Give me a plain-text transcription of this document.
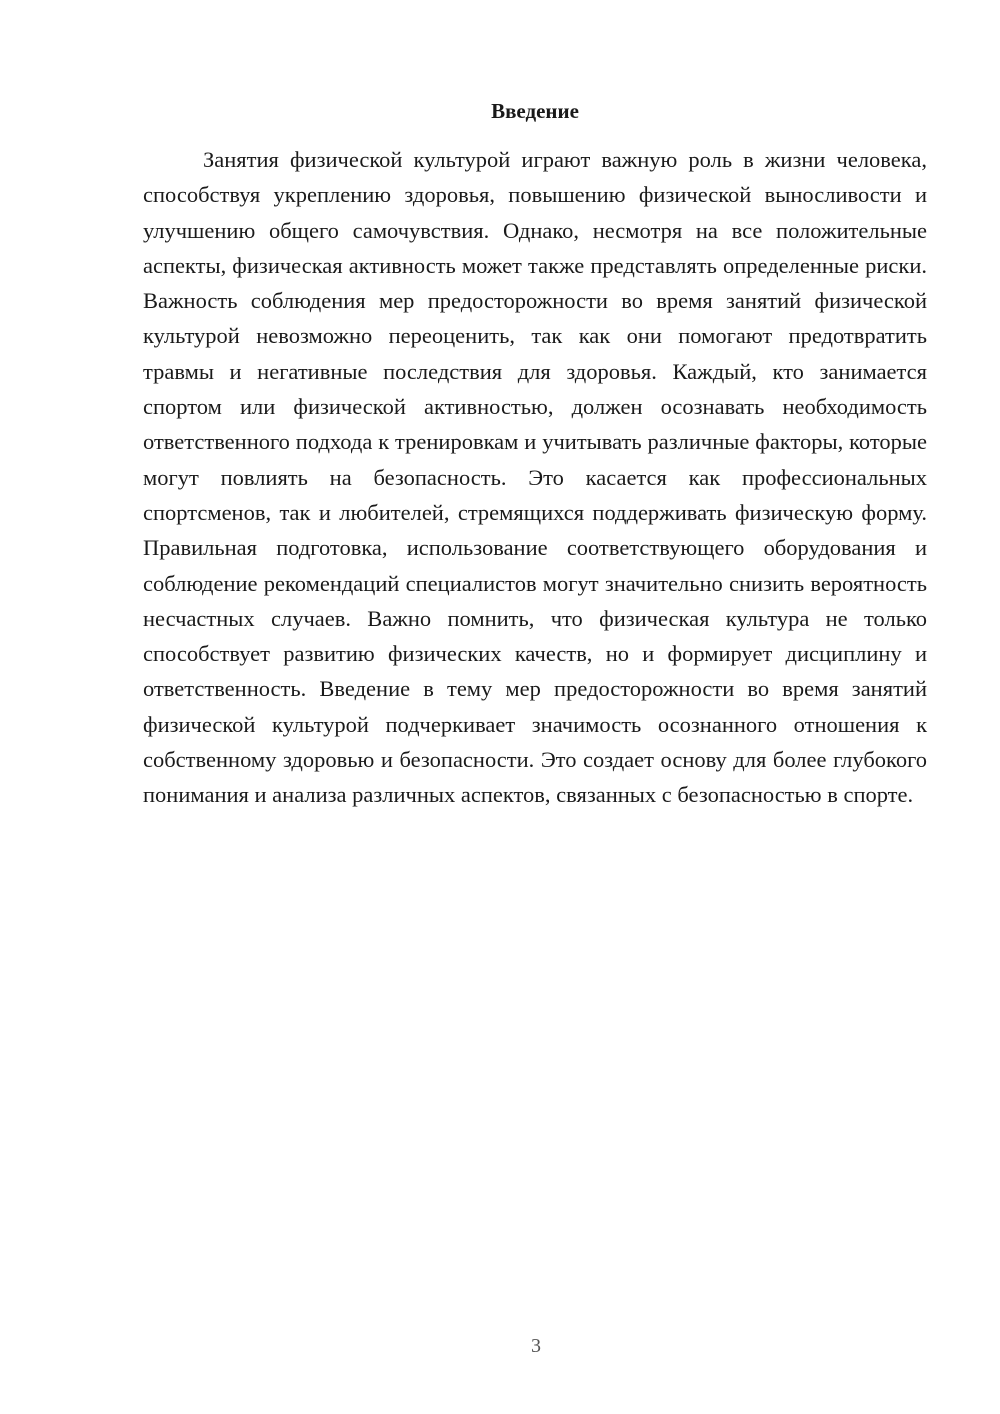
Введение

Занятия физической культурой играют важную роль в жизни человека, способствуя укреплению здоровья, повышению физической выносливости и улучшению общего самочувствия. Однако, несмотря на все положительные аспекты, физическая активность может также представлять определенные риски. Важность соблюдения мер предосторожности во время занятий физической культурой невозможно переоценить, так как они помогают предотвратить травмы и негативные последствия для здоровья. Каждый, кто занимается спортом или физической активностью, должен осознавать необходимость ответственного подхода к тренировкам и учитывать различные факторы, которые могут повлиять на безопасность. Это касается как профессиональных спортсменов, так и любителей, стремящихся поддерживать физическую форму. Правильная подготовка, использование соответствующего оборудования и соблюдение рекомендаций специалистов могут значительно снизить вероятность несчастных случаев. Важно помнить, что физическая культура не только способствует развитию физических качеств, но и формирует дисциплину и ответственность. Введение в тему мер предосторожности во время занятий физической культурой подчеркивает значимость осознанного отношения к собственному здоровью и безопасности. Это создает основу для более глубокого понимания и анализа различных аспектов, связанных с безопасностью в спорте.

3
